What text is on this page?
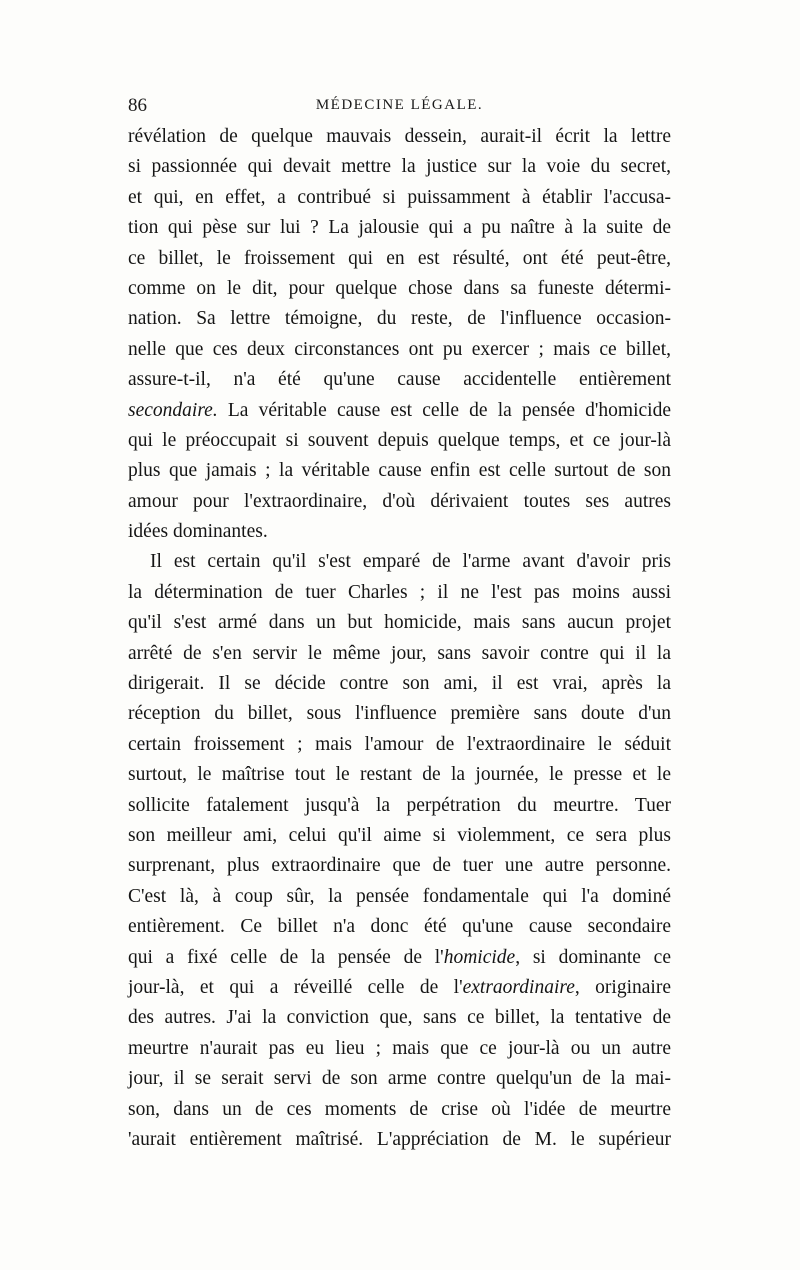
86	MÉDECINE LÉGALE.
révélation de quelque mauvais dessein, aurait-il écrit la lettre
si passionnée qui devait mettre la justice sur la voie du secret,
et qui, en effet, a contribué si puissamment à établir l'accusa-
tion qui pèse sur lui ? La jalousie qui a pu naître à la suite de
ce billet, le froissement qui en est résulté, ont été peut-être,
comme on le dit, pour quelque chose dans sa funeste détermi-
nation. Sa lettre témoigne, du reste, de l'influence occasion-
nelle que ces deux circonstances ont pu exercer ; mais ce billet,
assure-t-il, n'a été qu'une cause accidentelle entièrement
secondaire. La véritable cause est celle de la pensée d'homicide
qui le préoccupait si souvent depuis quelque temps, et ce jour-là
plus que jamais ; la véritable cause enfin est celle surtout de son
amour pour l'extraordinaire, d'où dérivaient toutes ses autres
idées dominantes.
Il est certain qu'il s'est emparé de l'arme avant d'avoir pris
la détermination de tuer Charles ; il ne l'est pas moins aussi
qu'il s'est armé dans un but homicide, mais sans aucun projet
arrêté de s'en servir le même jour, sans savoir contre qui il la
dirigerait. Il se décide contre son ami, il est vrai, après la
réception du billet, sous l'influence première sans doute d'un
certain froissement ; mais l'amour de l'extraordinaire le séduit
surtout, le maîtrise tout le restant de la journée, le presse et le
sollicite fatalement jusqu'à la perpétration du meurtre. Tuer
son meilleur ami, celui qu'il aime si violemment, ce sera plus
surprenant, plus extraordinaire que de tuer une autre personne.
C'est là, à coup sûr, la pensée fondamentale qui l'a dominé
entièrement. Ce billet n'a donc été qu'une cause secondaire
qui a fixé celle de la pensée de l'homicide, si dominante ce
jour-là, et qui a réveillé celle de l'extraordinaire, originaire
des autres. J'ai la conviction que, sans ce billet, la tentative de
meurtre n'aurait pas eu lieu ; mais que ce jour-là ou un autre
jour, il se serait servi de son arme contre quelqu'un de la mai-
son, dans un de ces moments de crise où l'idée de meurtre
'aurait entièrement maîtrisé. L'appréciation de M. le supérieur
